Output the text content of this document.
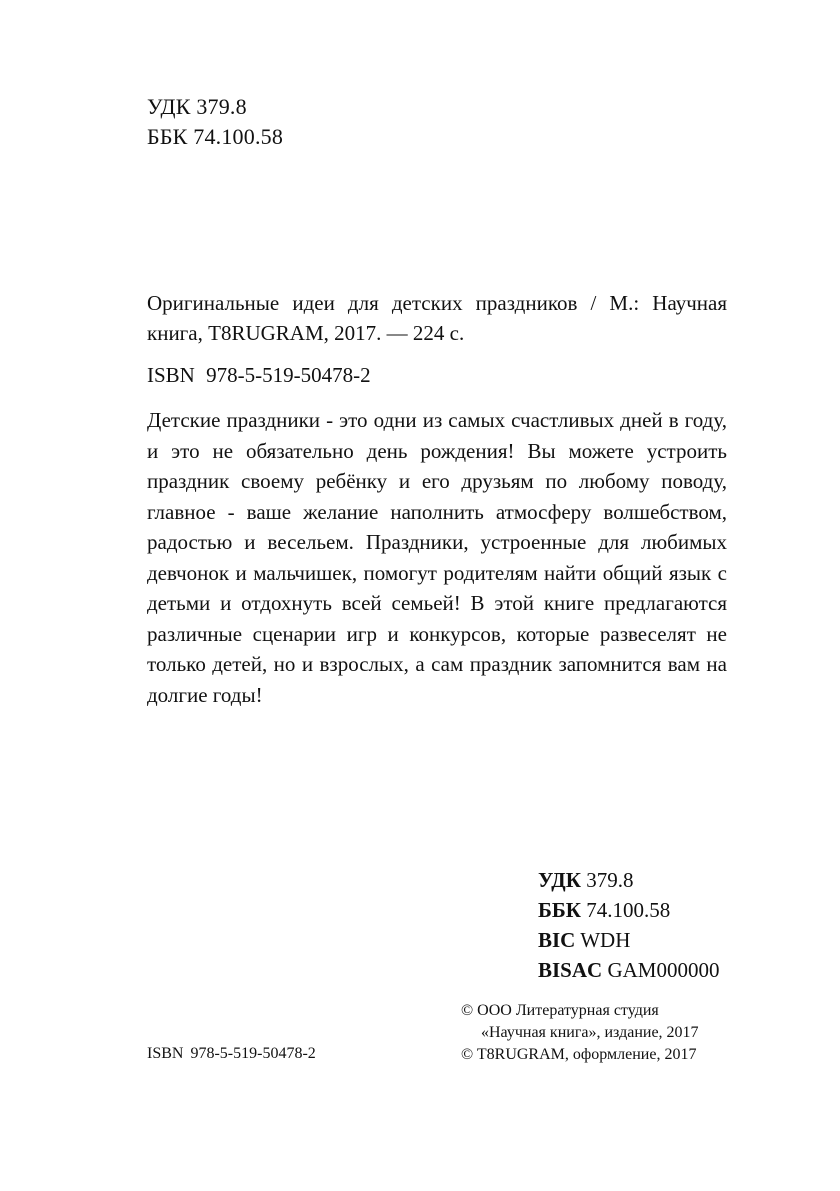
УДК 379.8
ББК 74.100.58
Оригинальные идеи для детских праздников / М.: Научная книга, T8RUGRAM, 2017. — 224 с.
ISBN 978-5-519-50478-2
Детские праздники - это одни из самых счастливых дней в году, и это не обязательно день рождения! Вы можете устроить праздник своему ребёнку и его друзьям по любому поводу, главное - ваше желание наполнить атмосферу волшебством, радостью и весельем. Праздники, устроенные для любимых девчонок и мальчишек, помогут родителям найти общий язык с детьми и отдохнуть всей семьей! В этой книге предлагаются различные сценарии игр и конкурсов, которые развеселят не только детей, но и взрослых, а сам праздник запомнится вам на долгие годы!
УДК 379.8
ББК 74.100.58
BIC WDH
BISAC GAM000000
© ООО Литературная студия
«Научная книга», издание, 2017
© T8RUGRAM, оформление, 2017
ISBN 978-5-519-50478-2
